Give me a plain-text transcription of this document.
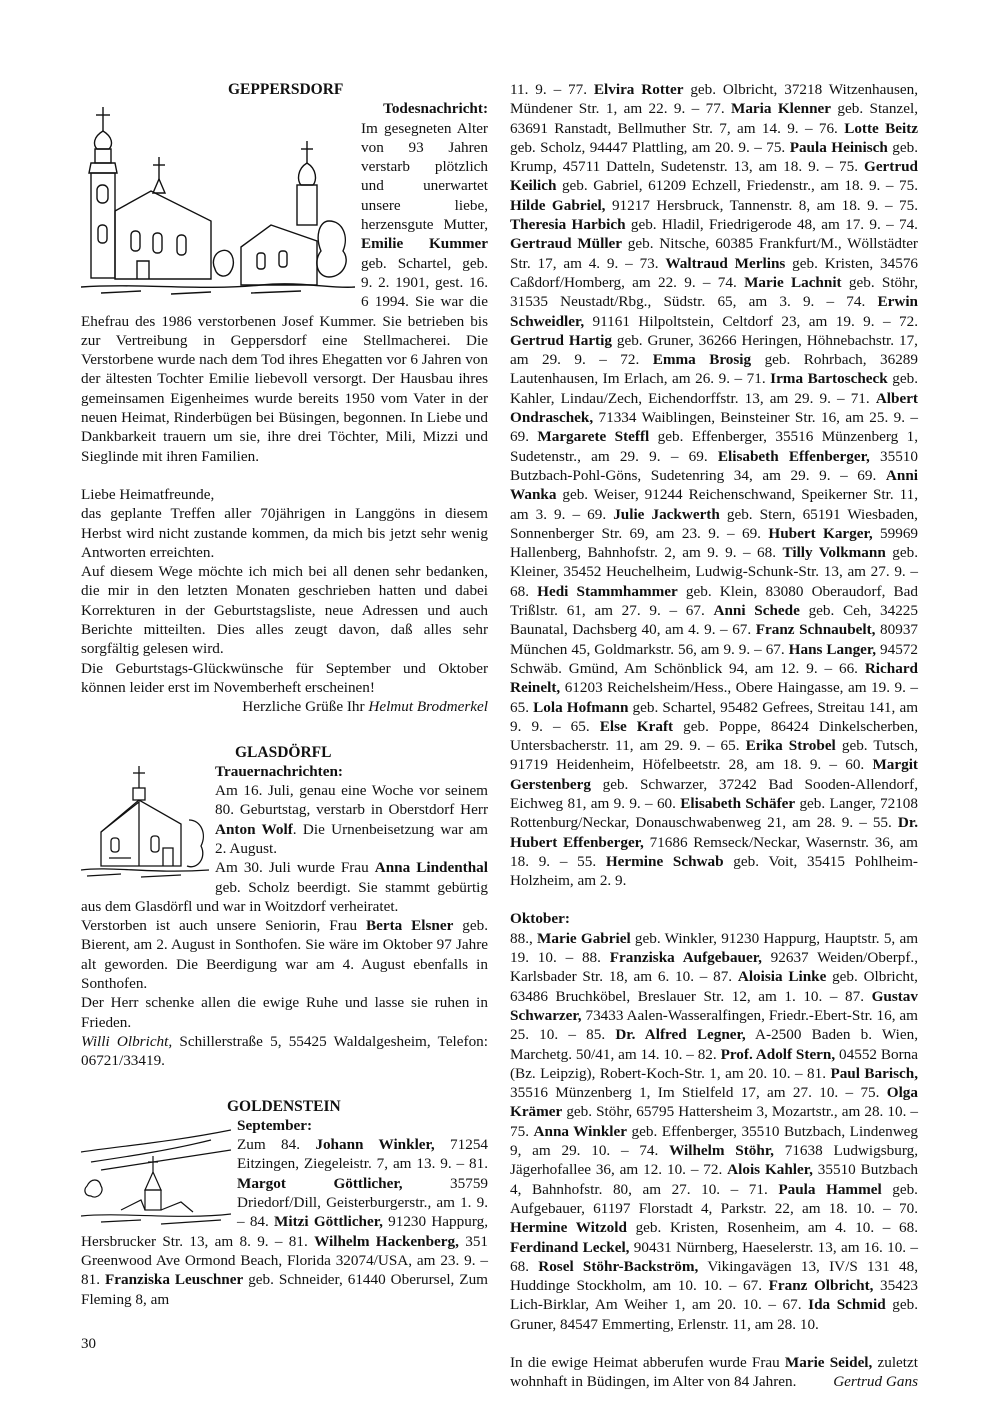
GEPPERSDORF

Todesnachricht:

Im gesegneten Alter von 93 Jahren verstarb plötzlich und unerwartet unsere liebe, herzensgute Mutter, Emilie Kummer geb. Schartel, geb. 9. 2. 1901, gest. 16. 6 1994. Sie war die Ehefrau des 1986 verstorbenen Josef Kummer. Sie betrieben bis zur Vertreibung in Geppersdorf eine Stellmacherei. Die Verstorbene wurde nach dem Tod ihres Ehegatten vor 6 Jahren von der ältesten Tochter Emilie liebevoll versorgt. Der Hausbau ihres gemeinsamen Eigenheimes wurde bereits 1950 vom Vater in der neuen Heimat, Rinderbügen bei Büsingen, begonnen. In Liebe und Dankbarkeit trauern um sie, ihre drei Töchter, Mili, Mizzi und Sieglinde mit ihren Familien.

Liebe Heimatfreunde,

das geplante Treffen aller 70jährigen in Langgöns in diesem Herbst wird nicht zustande kommen, da mich bis jetzt sehr wenig Antworten erreichten.

Auf diesem Wege möchte ich mich bei all denen sehr bedanken, die mir in den letzten Monaten geschrieben hatten und dabei Korrekturen in der Geburtstagsliste, neue Adressen und auch Berichte mitteilten. Dies alles zeugt davon, daß alles sehr sorgfältig gelesen wird.

Die Geburtstags-Glückwünsche für September und Oktober können leider erst im Novemberheft erscheinen!

Herzliche Grüße Ihr Helmut Brodmerkel

GLASDÖRFL

Trauernachrichten:

Am 16. Juli, genau eine Woche vor seinem 80. Geburtstag, verstarb in Oberstdorf Herr Anton Wolf. Die Urnenbeisetzung war am 2. August.

Am 30. Juli wurde Frau Anna Lindenthal geb. Scholz beerdigt. Sie stammt gebürtig aus dem Glasdörfl und war in Woitzdorf verheiratet.

Verstorben ist auch unsere Seniorin, Frau Berta Elsner geb. Bierent, am 2. August in Sonthofen. Sie wäre im Oktober 97 Jahre alt geworden. Die Beerdigung war am 4. August ebenfalls in Sonthofen.

Der Herr schenke allen die ewige Ruhe und lasse sie ruhen in Frieden.

Willi Olbricht, Schillerstraße 5, 55425 Waldalgesheim, Telefon: 06721/33419.

GOLDENSTEIN

September:

Zum 84. Johann Winkler, 71254 Eitzingen, Ziegeleistr. 7, am 13. 9. – 81. Margot Göttlicher, 35759 Driedorf/Dill, Geisterburgerstr., am 1. 9. – 84. Mitzi Göttlicher, 91230 Happurg, Hersbrucker Str. 13, am 8. 9. – 81. Wilhelm Hackenberg, 351 Greenwood Ave Ormond Beach, Florida 32074/USA, am 23. 9. – 81. Franziska Leuschner geb. Schneider, 61440 Oberursel, Zum Fleming 8, am

11. 9. – 77. Elvira Rotter geb. Olbricht, 37218 Witzenhausen, Mündener Str. 1, am 22. 9. – 77. Maria Klenner geb. Stanzel, 63691 Ranstadt, Bellmuther Str. 7, am 14. 9. – 76. Lotte Beitz geb. Scholz, 94447 Plattling, am 20. 9. – 75. Paula Heinisch geb. Krump, 45711 Datteln, Sudetenstr. 13, am 18. 9. – 75. Gertrud Keilich geb. Gabriel, 61209 Echzell, Friedenstr., am 18. 9. – 75. Hilde Gabriel, 91217 Hersbruck, Tannenstr. 8, am 18. 9. – 75. Theresia Harbich geb. Hladil, Friedrigerode 48, am 17. 9. – 74. Gertraud Müller geb. Nitsche, 60385 Frankfurt/M., Wöllstädter Str. 17, am 4. 9. – 73. Waltraud Merlins geb. Kristen, 34576 Caßdorf/Homberg, am 22. 9. – 74. Marie Lachnit geb. Stöhr, 31535 Neustadt/Rbg., Südstr. 65, am 3. 9. – 74. Erwin Schweidler, 91161 Hilpoltstein, Celtdorf 23, am 19. 9. – 72. Gertrud Hartig geb. Gruner, 36266 Heringen, Höhnebachstr. 17, am 29. 9. – 72. Emma Brosig geb. Rohrbach, 36289 Lautenhausen, Im Erlach, am 26. 9. – 71. Irma Bartoscheck geb. Kahler, Lindau/Zech, Eichendorffstr. 13, am 29. 9. – 71. Albert Ondraschek, 71334 Waiblingen, Beinsteiner Str. 16, am 25. 9. – 69. Margarete Steffl geb. Effenberger, 35516 Münzenberg 1, Sudetenstr., am 29. 9. – 69. Elisabeth Effenberger, 35510 Butzbach-Pohl-Göns, Sudetenring 34, am 29. 9. – 69. Anni Wanka geb. Weiser, 91244 Reichenschwand, Speikerner Str. 11, am 3. 9. – 69. Julie Jackwerth geb. Stern, 65191 Wiesbaden, Sonnenberger Str. 69, am 23. 9. – 69. Hubert Karger, 59969 Hallenberg, Bahnhofstr. 2, am 9. 9. – 68. Tilly Volkmann geb. Kleiner, 35452 Heuchelheim, Ludwig-Schunk-Str. 13, am 27. 9. – 68. Hedi Stammhammer geb. Klein, 83080 Oberaudorf, Bad Trißlstr. 61, am 27. 9. – 67. Anni Schede geb. Ceh, 34225 Baunatal, Dachsberg 40, am 4. 9. – 67. Franz Schnaubelt, 80937 München 45, Goldmarkstr. 56, am 9. 9. – 67. Hans Langer, 94572 Schwäb. Gmünd, Am Schönblick 94, am 12. 9. – 66. Richard Reinelt, 61203 Reichelsheim/Hess., Obere Haingasse, am 19. 9. – 65. Lola Hofmann geb. Schartel, 95482 Gefrees, Streitau 141, am 9. 9. – 65. Else Kraft geb. Poppe, 86424 Dinkelscherben, Untersbacherstr. 11, am 29. 9. – 65. Erika Strobel geb. Tutsch, 91719 Heidenheim, Höfelbeetstr. 28, am 18. 9. – 60. Margit Gerstenberg geb. Schwarzer, 37242 Bad Sooden-Allendorf, Eichweg 81, am 9. 9. – 60. Elisabeth Schäfer geb. Langer, 72108 Rottenburg/Neckar, Donauschwabenweg 21, am 28. 9. – 55. Dr. Hubert Effenberger, 71686 Remseck/Neckar, Wasernstr. 36, am 18. 9. – 55. Hermine Schwab geb. Voit, 35415 Pohlheim-Holzheim, am 2. 9.

Oktober:

88., Marie Gabriel geb. Winkler, 91230 Happurg, Hauptstr. 5, am 19. 10. – 88. Franziska Aufgebauer, 92637 Weiden/Oberpf., Karlsbader Str. 18, am 6. 10. – 87. Aloisia Linke geb. Olbricht, 63486 Bruchköbel, Breslauer Str. 12, am 1. 10. – 87. Gustav Schwarzer, 73433 Aalen-Wasseralfingen, Friedr.-Ebert-Str. 16, am 25. 10. – 85. Dr. Alfred Legner, A-2500 Baden b. Wien, Marchetg. 50/41, am 14. 10. – 82. Prof. Adolf Stern, 04552 Borna (Bz. Leipzig), Robert-Koch-Str. 1, am 20. 10. – 81. Paul Barisch, 35516 Münzenberg 1, Im Stielfeld 17, am 27. 10. – 75. Olga Krämer geb. Stöhr, 65795 Hattersheim 3, Mozartstr., am 28. 10. – 75. Anna Winkler geb. Effenberger, 35510 Butzbach, Lindenweg 9, am 29. 10. – 74. Wilhelm Stöhr, 71638 Ludwigsburg, Jägerhofallee 36, am 12. 10. – 72. Alois Kahler, 35510 Butzbach 4, Bahnhofstr. 80, am 27. 10. – 71. Paula Hammel geb. Aufgebauer, 61197 Florstadt 4, Parkstr. 22, am 18. 10. – 70. Hermine Witzold geb. Kristen, Rosenheim, am 4. 10. – 68. Ferdinand Leckel, 90431 Nürnberg, Haeselerstr. 13, am 16. 10. – 68. Rosel Stöhr-Backström, Vikingavägen 13, IV/S 131 48, Huddinge Stockholm, am 10. 10. – 67. Franz Olbricht, 35423 Lich-Birklar, Am Weiher 1, am 20. 10. – 67. Ida Schmid geb. Gruner, 84547 Emmerting, Erlenstr. 11, am 28. 10.

In die ewige Heimat abberufen wurde Frau Marie Seidel, zuletzt wohnhaft in Büdingen, im Alter von 84 Jahren. Gertrud Gans

30
